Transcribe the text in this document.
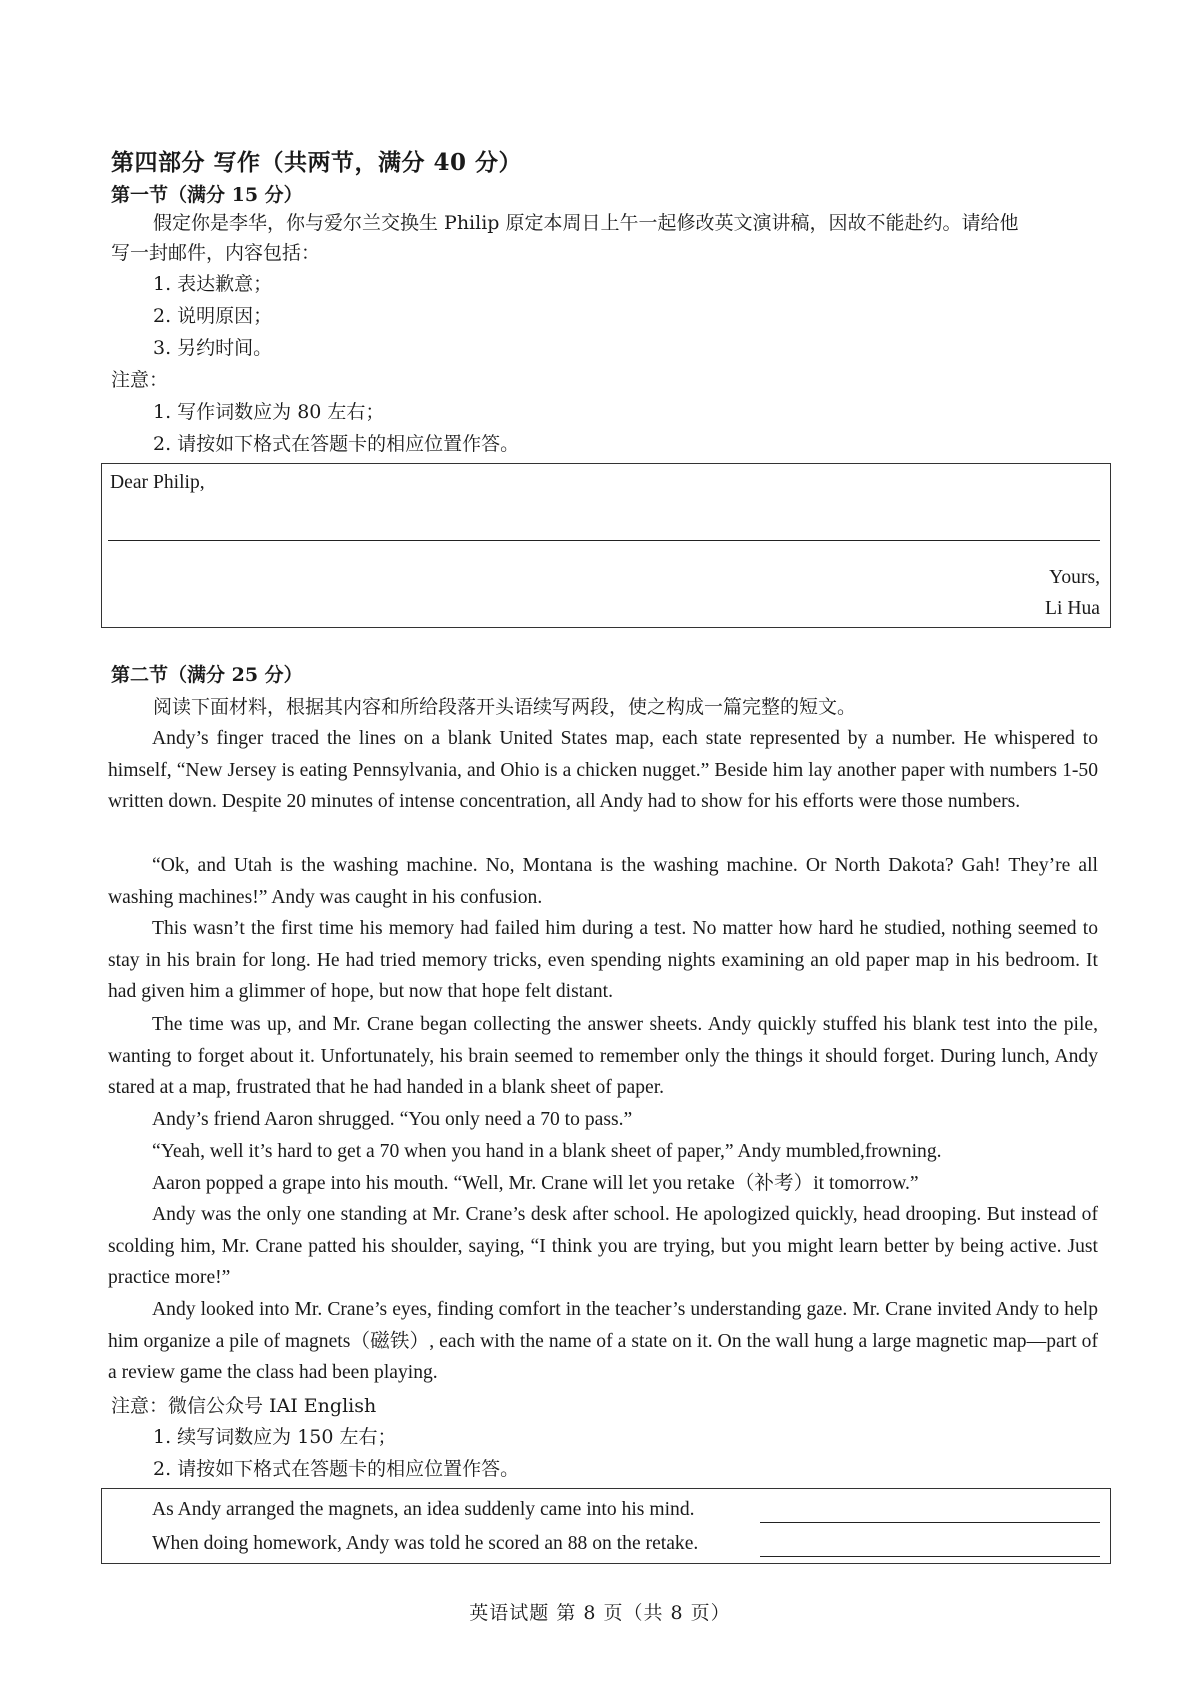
第四部分 写作（共两节，满分 40 分）
第一节（满分 15 分）
假定你是李华，你与爱尔兰交换生 Philip 原定本周日上午一起修改英文演讲稿，因故不能赴约。请给他
写一封邮件，内容包括：
1. 表达歉意；
2. 说明原因；
3. 另约时间。
注意：
1. 写作词数应为 80 左右；
2. 请按如下格式在答题卡的相应位置作答。
Dear Philip,
Yours,
Li Hua
第二节（满分 25 分）
阅读下面材料，根据其内容和所给段落开头语续写两段，使之构成一篇完整的短文。

Andy’s finger traced the lines on a blank United States map, each state represented by a number. He whispered to himself, “New Jersey is eating Pennsylvania, and Ohio is a chicken nugget.” Beside him lay another paper with numbers 1-50 written down. Despite 20 minutes of intense concentration, all Andy had to show for his efforts were those numbers.

“Ok, and Utah is the washing machine. No, Montana is the washing machine. Or North Dakota? Gah! They’re all washing machines!” Andy was caught in his confusion.

This wasn’t the first time his memory had failed him during a test. No matter how hard he studied, nothing seemed to stay in his brain for long. He had tried memory tricks, even spending nights examining an old paper map in his bedroom. It had given him a glimmer of hope, but now that hope felt distant.

The time was up, and Mr. Crane began collecting the answer sheets. Andy quickly stuffed his blank test into the pile, wanting to forget about it. Unfortunately, his brain seemed to remember only the things it should forget. During lunch, Andy stared at a map, frustrated that he had handed in a blank sheet of paper.

Andy’s friend Aaron shrugged. “You only need a 70 to pass.”

“Yeah, well it’s hard to get a 70 when you hand in a blank sheet of paper,” Andy mumbled,frowning.

Aaron popped a grape into his mouth. “Well, Mr. Crane will let you retake（补考）it tomorrow.”

Andy was the only one standing at Mr. Crane’s desk after school. He apologized quickly, head drooping. But instead of scolding him, Mr. Crane patted his shoulder, saying, “I think you are trying, but you might learn better by being active. Just practice more!”

Andy looked into Mr. Crane’s eyes, finding comfort in the teacher’s understanding gaze. Mr. Crane invited Andy to help him organize a pile of magnets（磁铁）, each with the name of a state on it. On the wall hung a large magnetic map—part of a review game the class had been playing.

注意：微信公众号 IAI English
1. 续写词数应为 150 左右；
2. 请按如下格式在答题卡的相应位置作答。
As Andy arranged the magnets, an idea suddenly came into his mind.
When doing homework, Andy was told he scored an 88 on the retake.
英语试题 第 8 页（共 8 页）
